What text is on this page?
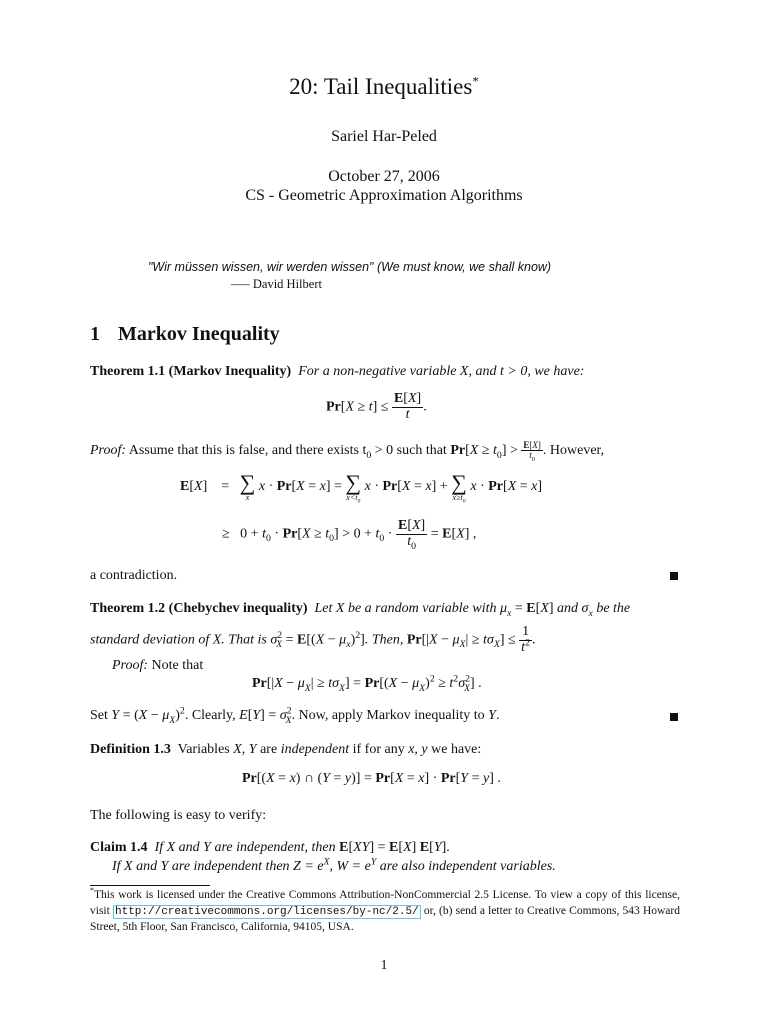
20: Tail Inequalities*
Sariel Har-Peled
October 27, 2006
CS - Geometric Approximation Algorithms
"Wir müssen wissen, wir werden wissen" (We must know, we shall know)
—– David Hilbert
1 Markov Inequality
Theorem 1.1 (Markov Inequality) For a non-negative variable X, and t > 0, we have:
$Pr[X \ge t] \le \frac{E[X]}{t}$ .
Proof: Assume that this is false, and there exists $t_0 > 0$ such that $Pr[X \ge t_0] > \frac{E[X]}{t_0}$ . However,
E[X]    = ∑
x
x · Pr[X = x] = ∑
$x<t_0$
x · Pr[X = x] + ∑
$x\ge t_0$
x · Pr[X = x]
≥   $0 + t_0 \cdot Pr[X \ge t_0] > 0 + t_0 \cdot \frac{E[X]}{t_0} = E[X]$ ,
a contradiction.
Theorem 1.2 (Chebychev inequality) Let X be a random variable with $\mu_x = E[X]$ and $\sigma_x$ be the
standard deviation of X. That is $\sigma^2_X = E[(X - \mu_x)^2]$. Then, $Pr[|X - \mu_X| \ge t\sigma_X] \le \frac{1}{t^2}$ .
Proof: Note that
$Pr[|X - \mu_X| \ge t\sigma_X] = Pr[(X - \mu_X)^2 \ge t^2\sigma^2_X]$ .
Set $Y = (X - \mu_X)^2$. Clearly, $E[Y] = \sigma^2_X$. Now, apply Markov inequality to Y.
Definition 1.3 Variables X, Y are independent if for any x, y we have:
Pr[(X = x) ∩ (Y = y)] = Pr[X = x] · Pr[Y = y] .
The following is easy to verify:
Claim 1.4 If X and Y are independent, then E[XY] = E[X] E[Y].
If X and Y are independent then $Z = e^X$, $W = e^Y$ are also independent variables.
*This work is licensed under the Creative Commons Attribution-NonCommercial 2.5 License. To view a copy of this license, visit http://creativecommons.org/licenses/by-nc/2.5/ or, (b) send a letter to Creative Commons, 543 Howard Street, 5th Floor, San Francisco, California, 94105, USA.
1
